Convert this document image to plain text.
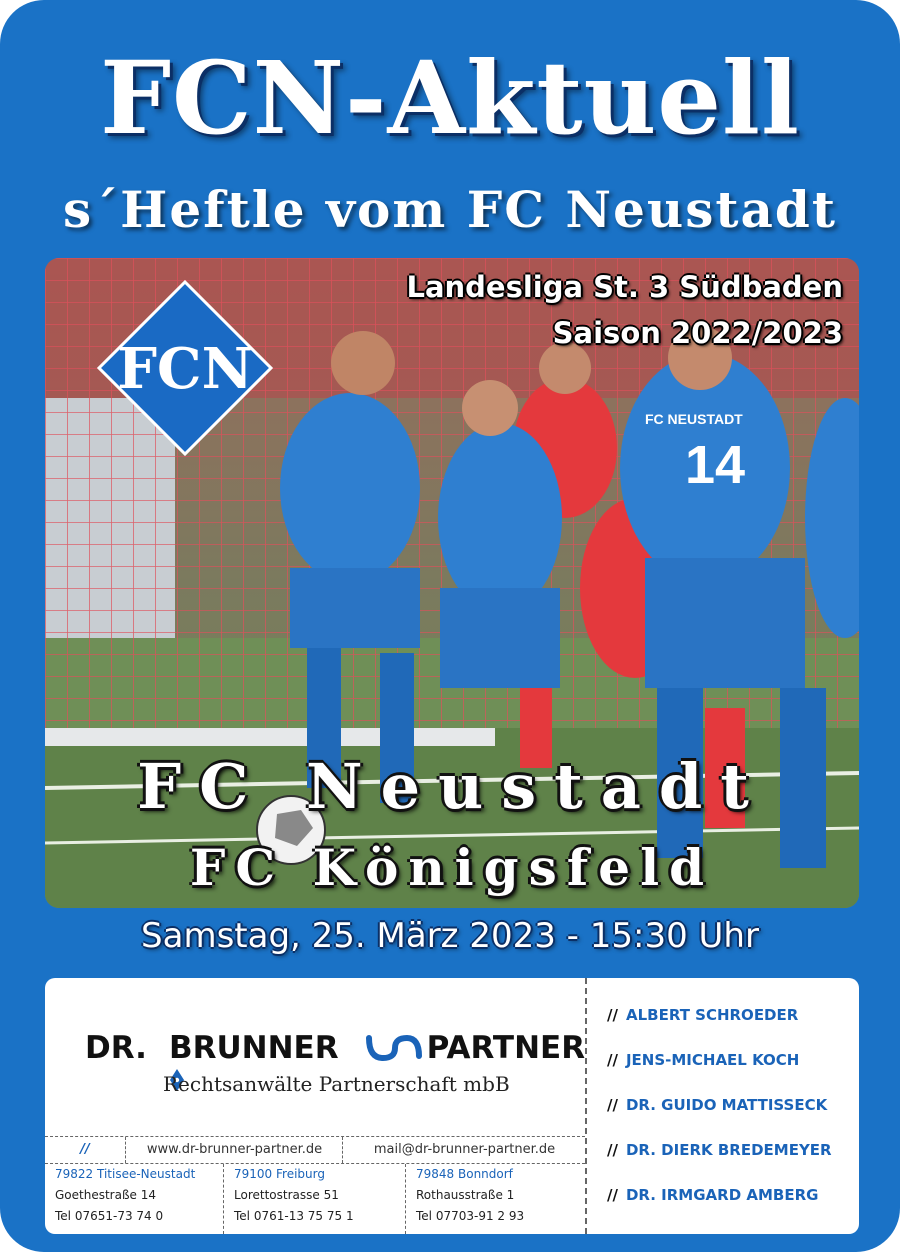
FCN-Aktuell
s´Heftle vom FC Neustadt
FC NEUSTADT
14
FCN
Landesliga St. 3 Südbaden
Saison 2022/2023
FC Neustadt
FC Königsfeld
Samstag, 25. März 2023 - 15:30 Uhr
DR. BRUNNER	PARTNER
Rechtsanwälte Partnerschaft mbB
//	www.dr-brunner-partner.de	mail@dr-brunner-partner.de
79822 Titisee-Neustadt
Goethestraße 14
Tel 07651-73 74 0
79100 Freiburg
Lorettostrasse 51
Tel 0761-13 75 75 1
79848 Bonndorf
Rothausstraße 1
Tel 07703-91 2 93
// ALBERT SCHROEDER
// JENS-MICHAEL KOCH
// DR. GUIDO MATTISSECK
// DR. DIERK BREDEMEYER
// DR. IRMGARD AMBERG
